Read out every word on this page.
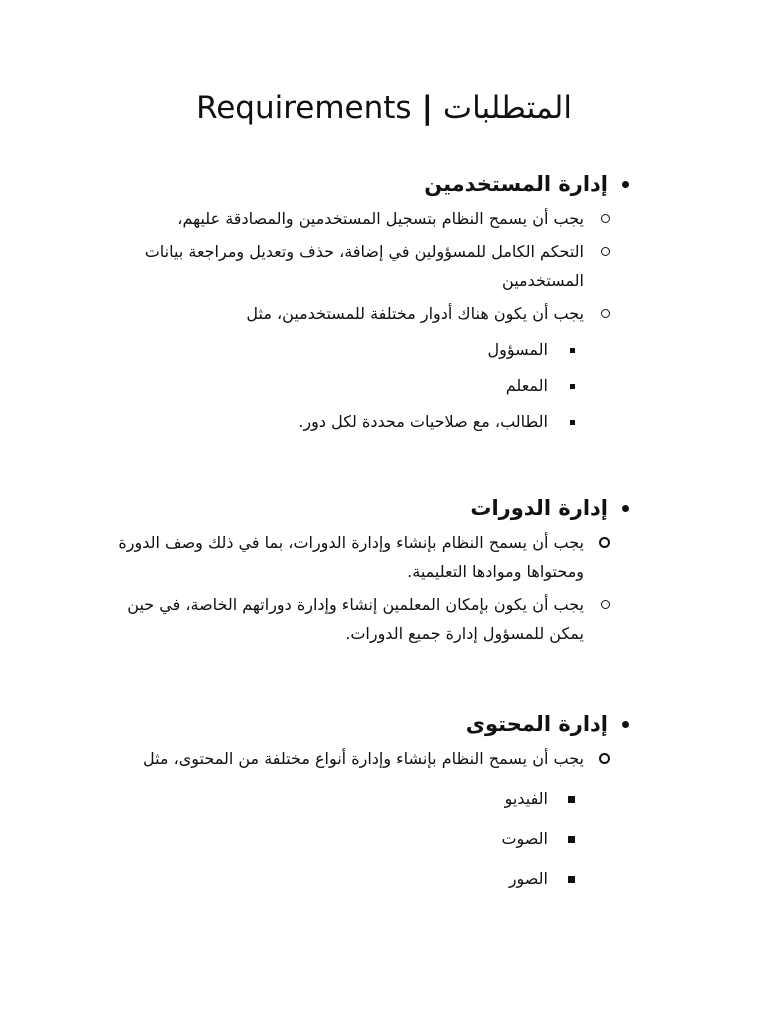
Requirements | المتطلبات
إدارة المستخدمين
يجب أن يسمح النظام بتسجيل المستخدمين والمصادقة عليهم،
التحكم الكامل للمسؤولين في إضافة، حذف وتعديل ومراجعة بيانات المستخدمين
يجب أن يكون هناك أدوار مختلفة للمستخدمين، مثل
المسؤول
المعلم
الطالب، مع صلاحيات محددة لكل دور.
إدارة الدورات
يجب أن يسمح النظام بإنشاء وإدارة الدورات، بما في ذلك وصف الدورة ومحتواها وموادها التعليمية.
يجب أن يكون بإمكان المعلمين إنشاء وإدارة دوراتهم الخاصة، في حين يمكن للمسؤول إدارة جميع الدورات.
إدارة المحتوى
يجب أن يسمح النظام بإنشاء وإدارة أنواع مختلفة من المحتوى، مثل
الفيديو
الصوت
الصور
